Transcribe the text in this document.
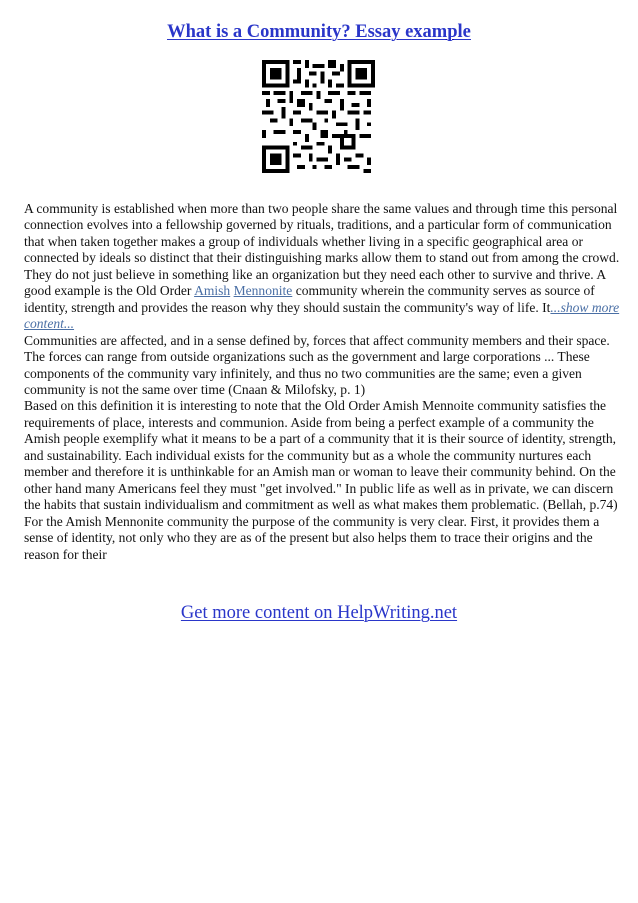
What is a Community? Essay example

A community is established when more than two people share the same values and through time this personal connection evolves into a fellowship governed by rituals, traditions, and a particular form of communication that when taken together makes a group of individuals whether living in a specific geographical area or connected by ideals so distinct that their distinguishing marks allow them to stand out from among the crowd. They do not just believe in something like an organization but they need each other to survive and thrive. A good example is the Old Order Amish Mennonite community wherein the community serves as source of identity, strength and provides the reason why they should sustain the community's way of life. It...show more content...

Communities are affected, and in a sense defined by, forces that affect community members and their space. The forces can range from outside organizations such as the government and large corporations ... These components of the community vary infinitely, and thus no two communities are the same; even a given community is not the same over time (Cnaan & Milofsky, p. 1)

Based on this definition it is interesting to note that the Old Order Amish Mennoite community satisfies the requirements of place, interests and communion. Aside from being a perfect example of a community the Amish people exemplify what it means to be a part of a community that it is their source of identity, strength, and sustainability. Each individual exists for the community but as a whole the community nurtures each member and therefore it is unthinkable for an Amish man or woman to leave their community behind. On the other hand many Americans feel they must "get involved." In public life as well as in private, we can discern the habits that sustain individualism and commitment as well as what makes them problematic. (Bellah, p.74) For the Amish Mennonite community the purpose of the community is very clear. First, it provides them a sense of identity, not only who they are as of the present but also helps them to trace their origins and the reason for their

Get more content on HelpWriting.net
